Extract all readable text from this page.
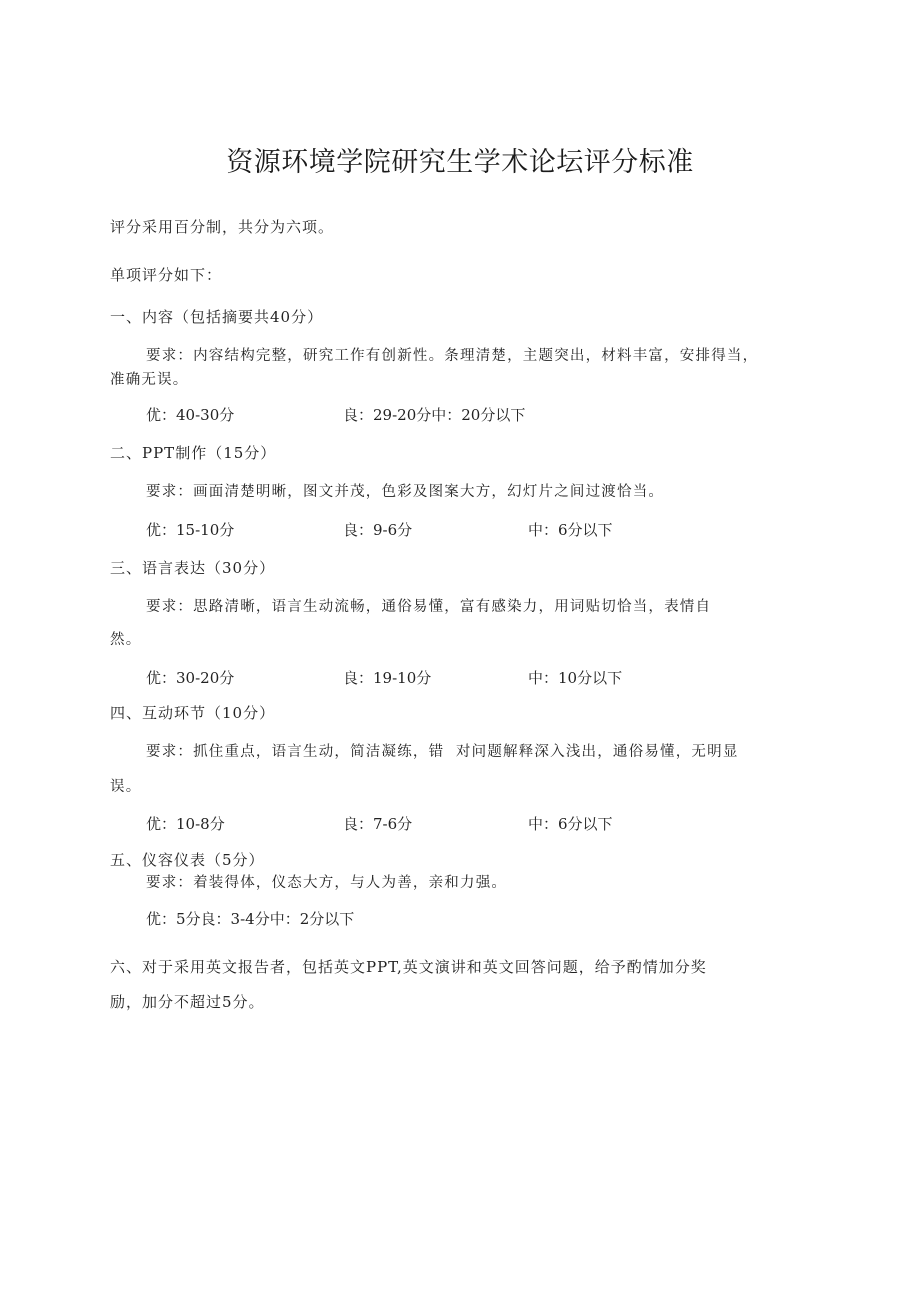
资源环境学院研究生学术论坛评分标准
评分采用百分制，共分为六项。
单项评分如下：
一、内容（包括摘要共40分）
要求：内容结构完整，研究工作有创新性。条理清楚，主题突出，材料丰富，安排得当，
准确无误。
优：40-30分	良：29-20分中：20分以下
二、PPT制作（15分）
要求：画面清楚明晰，图文并茂，色彩及图案大方，幻灯片之间过渡恰当。
优：15-10分	良：9-6分	中：6分以下
三、语言表达（30分）
要求：思路清晰，语言生动流畅，通俗易懂，富有感染力，用词贴切恰当，表情自
然。
优：30-20分	良：19-10分	中：10分以下
四、互动环节（10分）
要求：抓住重点，语言生动，简洁凝练，错  对问题解释深入浅出，通俗易懂，无明显
误。
优：10-8分	良：7-6分	中：6分以下
五、仪容仪表（5分）
要求：着装得体，仪态大方，与人为善，亲和力强。
优：5分良：3-4分中：2分以下
六、对于采用英文报告者，包括英文PPT,英文演讲和英文回答问题，给予酌情加分奖
励，加分不超过5分。
